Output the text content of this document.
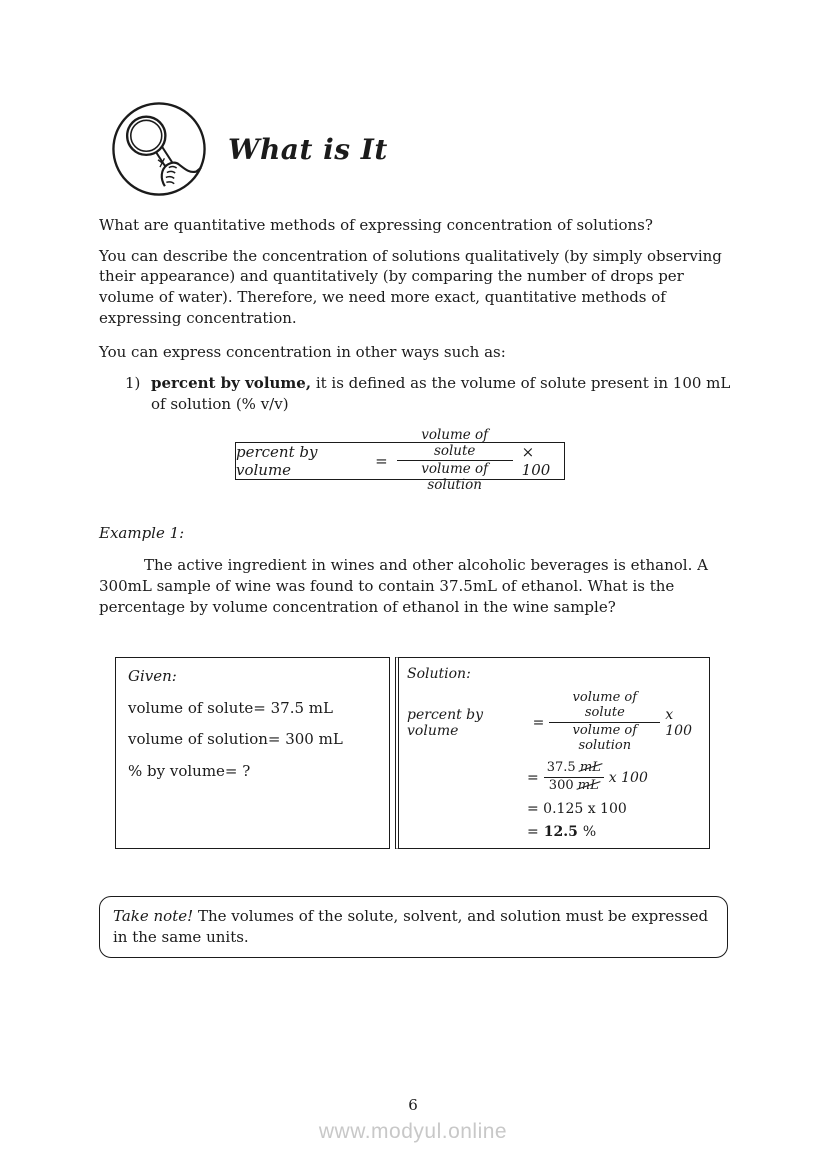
What is It

What are quantitative methods of expressing concentration of solutions?

You can describe the concentration of solutions qualitatively (by simply observing their appearance) and quantitatively (by comparing the number of drops per volume of water). Therefore, we need more exact, quantitative methods of expressing concentration.

You can express concentration in other ways such as:

1) percent by volume, it is defined as the volume of solute present in 100 mL of solution (% v/v)
percent by volume	= $\frac{\text{volume of solute}}{\text{volume of solution}} \times 100$

Example 1:

The active ingredient in wines and other alcoholic beverages is ethanol. A 300mL sample of wine was found to contain 37.5mL of ethanol. What is the percentage by volume concentration of ethanol in the wine sample?

Given:
volume of solute= 37.5 mL
volume of solution= 300 mL
% by volume= ?
Solution:
percent by volume	= $\frac{\text{volume of solute}}{\text{volume of solution}}$ x 100
= $\frac{37.5 mL}{300 mL}$ x 100
= 0.125 x 100
= 12.5 %
Take note! The volumes of the solute, solvent, and solution must be expressed in the same units.
6
www.modyul.online
